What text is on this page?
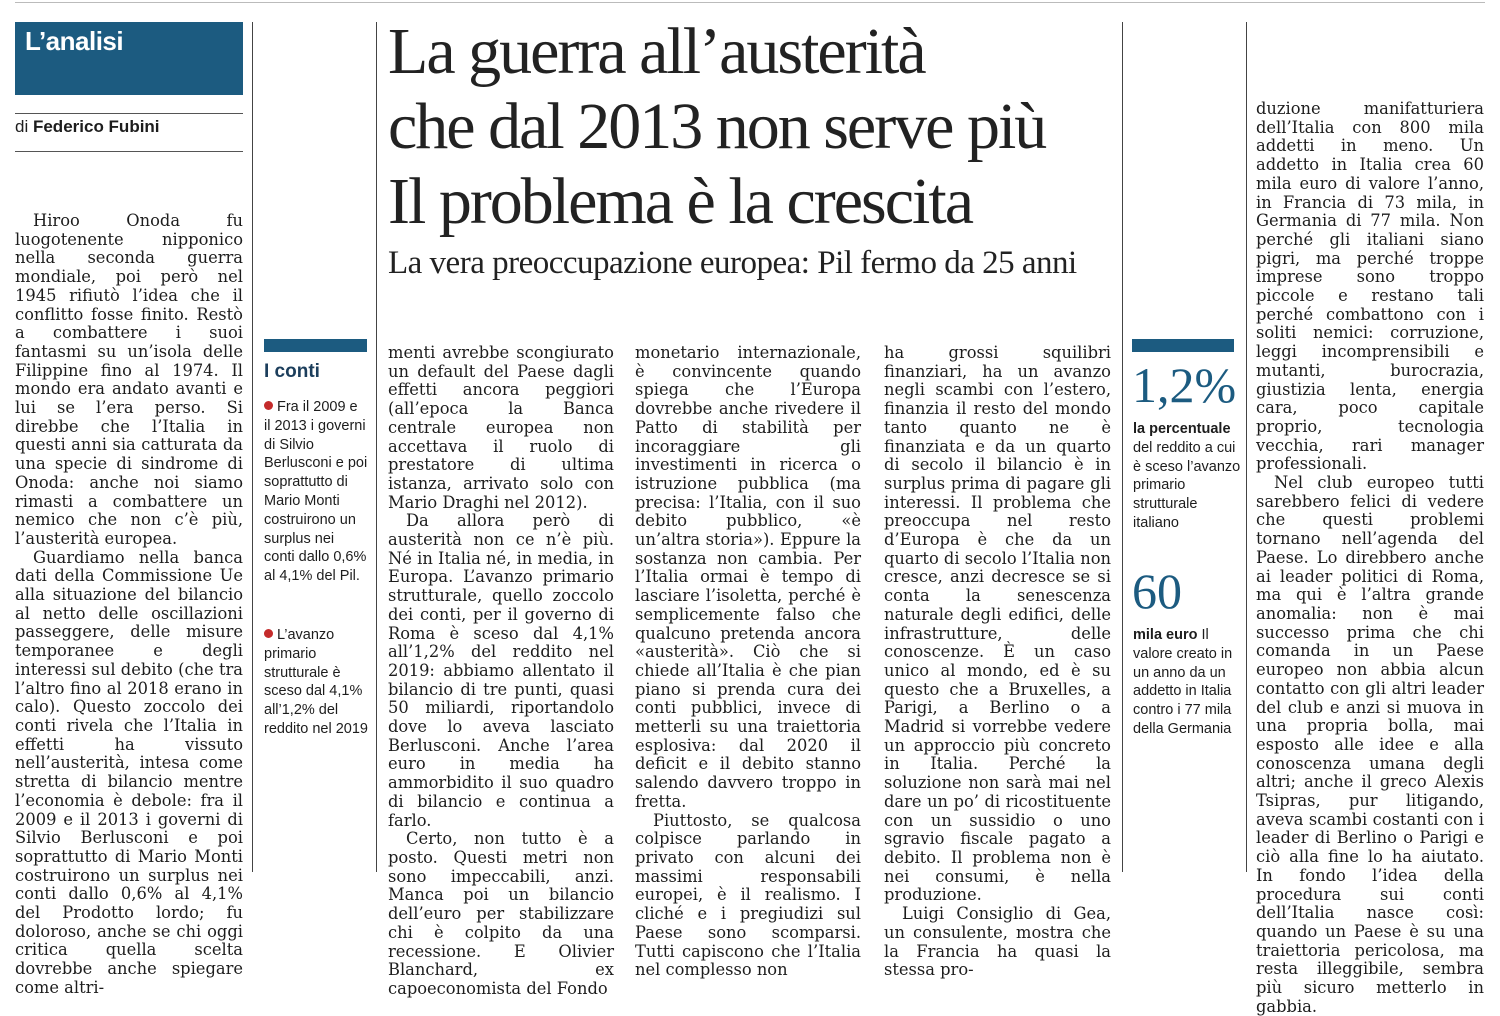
L’analisi
di Federico Fubini
La guerra all’austerità
che dal 2013 non serve più
Il problema è la crescita
La vera preoccupazione europea: Pil fermo da 25 anni

Hiroo Onoda fu luogotenente nipponico nella seconda guerra mondiale, poi però nel 1945 rifiutò l’idea che il conflitto fosse finito. Restò a combattere i suoi fantasmi su un’isola delle Filippine fino al 1974. Il mondo era andato avanti e lui se l’era perso. Si direbbe che l’Italia in questi anni sia catturata da una specie di sindrome di Onoda: anche noi siamo rimasti a combattere un nemico che non c’è più, l’austerità europea.

Guardiamo nella banca dati della Commissione Ue alla situazione del bilancio al netto delle oscillazioni passeggere, delle misure temporanee e degli interessi sul debito (che tra l’altro fino al 2018 erano in calo). Questo zoccolo dei conti rivela che l’Italia in effetti ha vissuto nell’austerità, intesa come stretta di bilancio mentre l’economia è debole: fra il 2009 e il 2013 i governi di Silvio Berlusconi e poi soprattutto di Mario Monti costruirono un surplus nei conti dallo 0,6% al 4,1% del Prodotto lordo; fu doloroso, anche se chi oggi critica quella scelta dovrebbe anche spiegare come altri-

I conti
Fra il 2009 e il 2013 i governi di Silvio Berlusconi e poi soprattutto di Mario Monti costruirono un surplus nei conti dallo 0,6% al 4,1% del Pil.
L’avanzo primario strutturale è sceso dal 4,1% all’1,2% del reddito nel 2019

menti avrebbe scongiurato un default del Paese dagli effetti ancora peggiori (all’epoca la Banca centrale europea non accettava il ruolo di prestatore di ultima istanza, arrivato solo con Mario Draghi nel 2012).

Da allora però di austerità non ce n’è più. Né in Italia né, in media, in Europa. L’avanzo primario strutturale, quello zoccolo dei conti, per il governo di Roma è sceso dal 4,1% all’1,2% del reddito nel 2019: abbiamo allentato il bilancio di tre punti, quasi 50 miliardi, riportandolo dove lo aveva lasciato Berlusconi. Anche l’area euro in media ha ammorbidito il suo quadro di bilancio e continua a farlo.

Certo, non tutto è a posto. Questi metri non sono impeccabili, anzi. Manca poi un bilancio dell’euro per stabilizzare chi è colpito da una recessione. E Olivier Blanchard, ex capoeconomista del Fondo

monetario internazionale, è convincente quando spiega che l’Europa dovrebbe anche rivedere il Patto di stabilità per incoraggiare gli investimenti in ricerca o istruzione pubblica (ma precisa: l’Italia, con il suo debito pubblico, «è un’altra storia»). Eppure la sostanza non cambia. Per l’Italia ormai è tempo di lasciare l’isoletta, perché è semplicemente falso che qualcuno pretenda ancora «austerità». Ciò che si chiede all’Italia è che pian piano si prenda cura dei conti pubblici, invece di metterli su una traiettoria esplosiva: dal 2020 il deficit e il debito stanno salendo davvero troppo in fretta.

Piuttosto, se qualcosa colpisce parlando in privato con alcuni dei massimi responsabili europei, è il realismo. I cliché e i pregiudizi sul Paese sono scomparsi. Tutti capiscono che l’Italia nel complesso non

ha grossi squilibri finanziari, ha un avanzo negli scambi con l’estero, finanzia il resto del mondo tanto quanto ne è finanziata e da un quarto di secolo il bilancio è in surplus prima di pagare gli interessi. Il problema che preoccupa nel resto d’Europa è che da un quarto di secolo l’Italia non cresce, anzi decresce se si conta la senescenza naturale degli edifici, delle infrastrutture, delle conoscenze. È un caso unico al mondo, ed è su questo che a Bruxelles, a Parigi, a Berlino o a Madrid si vorrebbe vedere un approccio più concreto in Italia. Perché la soluzione non sarà mai nel dare un po’ di ricostituente con un sussidio o uno sgravio fiscale pagato a debito. Il problema non è nei consumi, è nella produzione.

Luigi Consiglio di Gea, un consulente, mostra che la Francia ha quasi la stessa pro-

1,2%
la percentuale del reddito a cui è sceso l’avanzo primario strutturale italiano
60
mila euro Il valore creato in un anno da un addetto in Italia contro i 77 mila della Germania

duzione manifatturiera dell’Italia con 800 mila addetti in meno. Un addetto in Italia crea 60 mila euro di valore l’anno, in Francia di 73 mila, in Germania di 77 mila. Non perché gli italiani siano pigri, ma perché troppe imprese sono troppo piccole e restano tali perché combattono con i soliti nemici: corruzione, leggi incomprensibili e mutanti, burocrazia, giustizia lenta, energia cara, poco capitale proprio, tecnologia vecchia, rari manager professionali.

Nel club europeo tutti sarebbero felici di vedere che questi problemi tornano nell’agenda del Paese. Lo direbbero anche ai leader politici di Roma, ma qui è l’altra grande anomalia: non è mai successo prima che chi comanda in un Paese europeo non abbia alcun contatto con gli altri leader del club e anzi si muova in una propria bolla, mai esposto alle idee e alla conoscenza umana degli altri; anche il greco Alexis Tsipras, pur litigando, aveva scambi costanti con i leader di Berlino o Parigi e ciò alla fine lo ha aiutato. In fondo l’idea della procedura sui conti dell’Italia nasce così: quando un Paese è su una traiettoria pericolosa, ma resta illeggibile, sembra più sicuro metterlo in gabbia.
